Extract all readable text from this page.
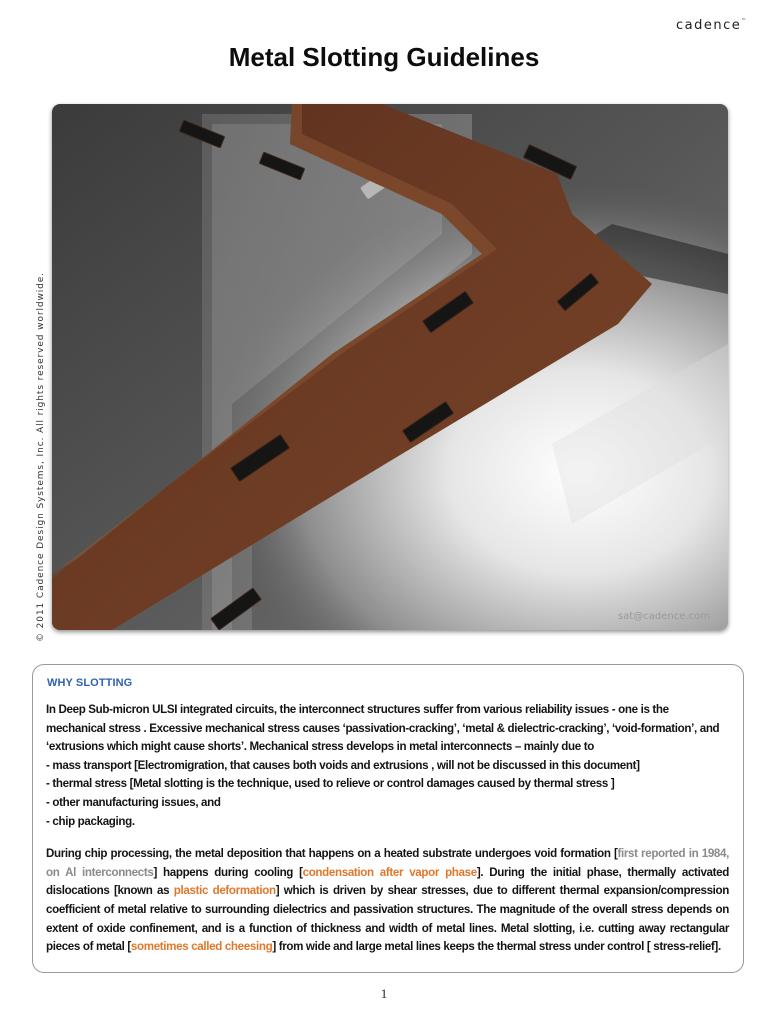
cadence™
Metal Slotting Guidelines
© 2011 Cadence Design Systems, Inc. All rights reserved worldwide.	sat@cadence.com
WHY SLOTTING

In Deep Sub-micron ULSI integrated circuits, the interconnect structures suffer from various reliability issues - one is the mechanical stress . Excessive mechanical stress causes ‘passivation-cracking’, ‘metal & dielectric-cracking’, ‘void-formation’, and ‘extrusions which might cause shorts’. Mechanical stress develops in metal interconnects – mainly due to

- mass transport [Electromigration, that causes both voids and extrusions , will not be discussed in this document]
- thermal stress [Metal slotting is the technique, used to relieve or control damages caused by thermal stress ]
- other manufacturing issues, and
- chip packaging.

During chip processing, the metal deposition that happens on a heated substrate undergoes void formation [first reported in 1984, on Al interconnects] happens during cooling [condensation after vapor phase]. During the initial phase, thermally activated dislocations [known as plastic deformation] which is driven by shear stresses, due to different thermal expansion/compression coefficient of metal relative to surrounding dielectrics and passivation structures. The magnitude of the overall stress depends on extent of oxide confinement, and is a function of thickness and width of metal lines. Metal slotting, i.e. cutting away rectangular pieces of metal [sometimes called cheesing] from wide and large metal lines keeps the thermal stress under control [ stress-relief].

1
